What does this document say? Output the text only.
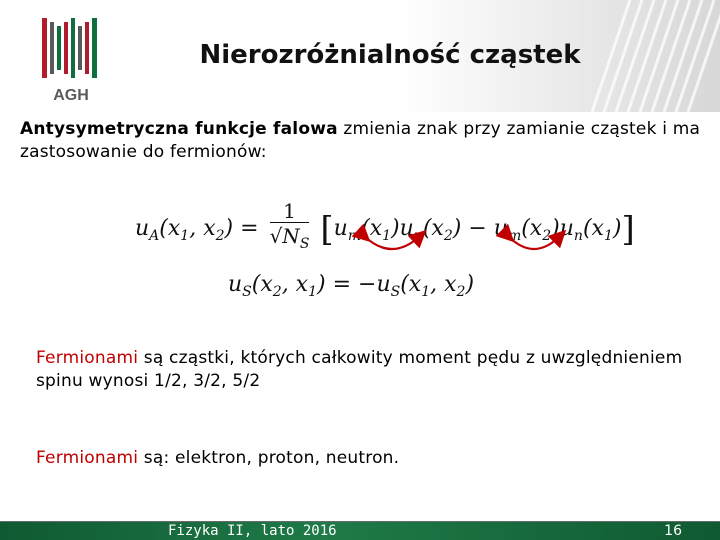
AGH
Nierozróżnialność cząstek
Antysymetryczna funkcje falowa zmienia znak przy zamianie cząstek i ma zastosowanie do fermionów:
$u_A(x_1$, $x_2) = \frac{1}{√N_S} [u_m(x_1)u_n(x_2) - u_m(x_2)u_n(x_1)]$
$u_S(x_2$, $x_1) = -u_S(x_1$, $x_2$)
Fermionami są cząstki, których całkowity moment pędu z uwzględnieniem spinu wynosi 1/2, 3/2, 5/2
Fermionami są: elektron, proton, neutron.
Fizyka II, lato 2016	16
